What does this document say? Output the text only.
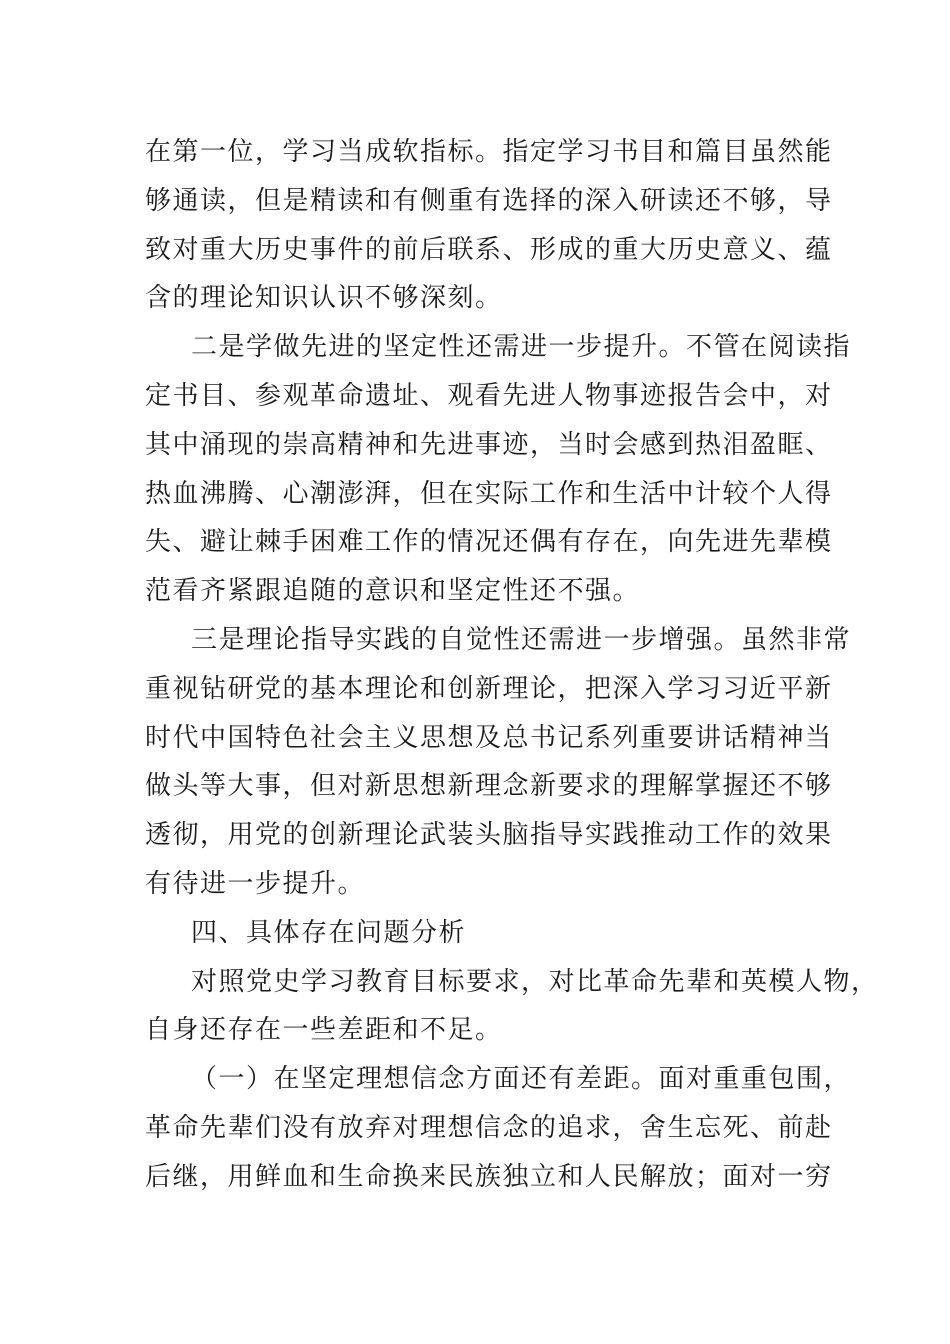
在第一位，学习当成软指标。指定学习书目和篇目虽然能
够通读，但是精读和有侧重有选择的深入研读还不够，导
致对重大历史事件的前后联系、形成的重大历史意义、蕴
含的理论知识认识不够深刻。
二是学做先进的坚定性还需进一步提升。不管在阅读指
定书目、参观革命遗址、观看先进人物事迹报告会中，对
其中涌现的崇高精神和先进事迹，当时会感到热泪盈眶、
热血沸腾、心潮澎湃，但在实际工作和生活中计较个人得
失、避让棘手困难工作的情况还偶有存在，向先进先辈模
范看齐紧跟追随的意识和坚定性还不强。
三是理论指导实践的自觉性还需进一步增强。虽然非常
重视钻研党的基本理论和创新理论，把深入学习习近平新
时代中国特色社会主义思想及总书记系列重要讲话精神当
做头等大事，但对新思想新理念新要求的理解掌握还不够
透彻，用党的创新理论武装头脑指导实践推动工作的效果
有待进一步提升。
四、具体存在问题分析
对照党史学习教育目标要求，对比革命先辈和英模人物，
自身还存在一些差距和不足。
（一）在坚定理想信念方面还有差距。面对重重包围，
革命先辈们没有放弃对理想信念的追求，舍生忘死、前赴
后继，用鲜血和生命换来民族独立和人民解放；面对一穷
